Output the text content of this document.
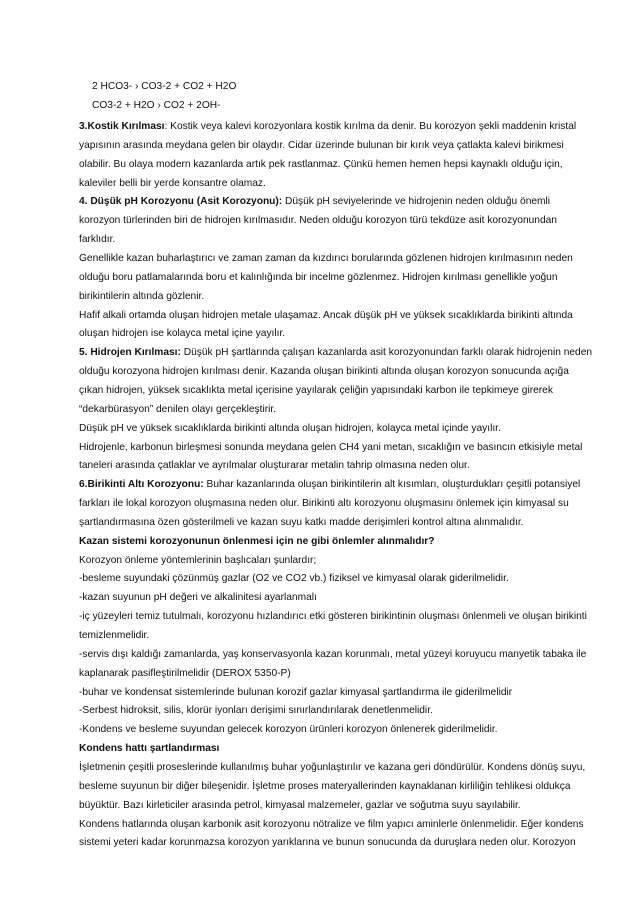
2 HCO3- › CO3-2 + CO2 + H2O
CO3-2 + H2O › CO2 + 2OH-
3.Kostik Kırılması: Kostik veya kalevi korozyonlara kostik kırılma da denir. Bu korozyon şekli maddenin kristal
yapısının arasında meydana gelen bir olaydır. Cidar üzerinde bulunan bir kırık veya çatlakta kalevi birikmesi
olabilir. Bu olaya modern kazanlarda artık pek rastlanmaz. Çünkü hemen hemen hepsi kaynaklı olduğu için,
kaleviler belli bir yerde konsantre olamaz.
4. Düşük pH Korozyonu (Asit Korozyonu): Düşük pH seviyelerinde ve hidrojenin neden olduğu önemli
korozyon türlerinden biri de hidrojen kırılmasıdır. Neden olduğu korozyon türü tekdüze asit korozyonundan
farklıdır.
Genellikle kazan buharlaştırıcı ve zaman zaman da kızdırıcı borularında gözlenen hidrojen kırılmasının neden
olduğu boru patlamalarında boru et kalınlığında bir incelme gözlenmez. Hidrojen kırılması genellikle yoğun
birikintilerin altında gözlenir.
Hafif alkali ortamda oluşan hidrojen metale ulaşamaz. Ancak düşük pH ve yüksek sıcaklıklarda birikinti altında
oluşan hidrojen ise kolayca metal içine yayılır.
5. Hidrojen Kırılması: Düşük pH şartlarında çalışan kazanlarda asit korozyonundan farklı olarak hidrojenin neden
olduğu korozyona hidrojen kırılması denir. Kazanda oluşan birikinti altında oluşan korozyon sonucunda açığa
çıkan hidrojen, yüksek sıcaklıkta metal içerisine yayılarak çeliğin yapısındaki karbon ile tepkimeye girerek
“dekarbürasyon” denilen olayı gerçekleştirir.
Düşük pH ve yüksek sıcaklıklarda birikinti altında oluşan hidrojen, kolayca metal içinde yayılır.
Hidrojenle, karbonun birleşmesi sonunda meydana gelen CH4 yani metan, sıcaklığın ve basıncın etkisiyle metal
taneleri arasında çatlaklar ve ayrılmalar oluşturarar metalin tahrip olmasına neden olur.
6.Birikinti Altı Korozyonu: Buhar kazanlarında oluşan birikintilerin alt kısımları, oluşturdukları çeşitli potansiyel
farkları ile lokal korozyon oluşmasına neden olur. Birikinti altı korozyonu oluşmasını önlemek için kimyasal su
şartlandırmasına özen gösterilmeli ve kazan suyu katkı madde derişimleri kontrol altına alınmalıdır.
Kazan sistemi korozyonunun önlenmesi için ne gibi önlemler alınmalıdır?
Korozyon önleme yöntemlerinin başlıcaları şunlardır;
-besleme suyundaki çözünmüş gazlar (O2 ve CO2 vb.) fiziksel ve kimyasal olarak giderilmelidir.
-kazan suyunun pH değeri ve alkalinitesi ayarlanmalı
-iç yüzeyleri temiz tutulmalı, korozyonu hızlandırıcı etki gösteren birikintinin oluşması önlenmeli ve oluşan birikinti
temizlenmelidir.
-servis dışı kaldığı zamanlarda, yaş konservasyonla kazan korunmalı, metal yüzeyi koruyucu manyetik tabaka ile
kaplanarak pasifleştirilmelidir (DEROX 5350-P)
-buhar ve kondensat sistemlerinde bulunan korozif gazlar kimyasal şartlandırma ile giderilmelidir
-Serbest hidroksit, silis, klorür iyonları derişimi sınırlandırılarak denetlenmelidir.
-Kondens ve besleme suyundan gelecek korozyon ürünleri korozyon önlenerek giderilmelidir.
Kondens hattı şartlandırması
İşletmenin çeşitli proseslerinde kullanılmış buhar yoğunlaştırılır ve kazana geri döndürülür. Kondens dönüş suyu,
besleme suyunun bir diğer bileşenidir. İşletme proses materyallerinden kaynaklanan kirliliğin tehlikesi oldukça
büyüktür. Bazı kirleticiler arasında petrol, kimyasal malzemeler, gazlar ve soğutma suyu sayılabilir.
Kondens hatlarında oluşan karbonik asit korozyonu nötralize ve film yapıcı aminlerle önlenmelidir. Eğer kondens
sistemi yeteri kadar korunmazsa korozyon yarıklarına ve bunun sonucunda da duruşlara neden olur. Korozyon
